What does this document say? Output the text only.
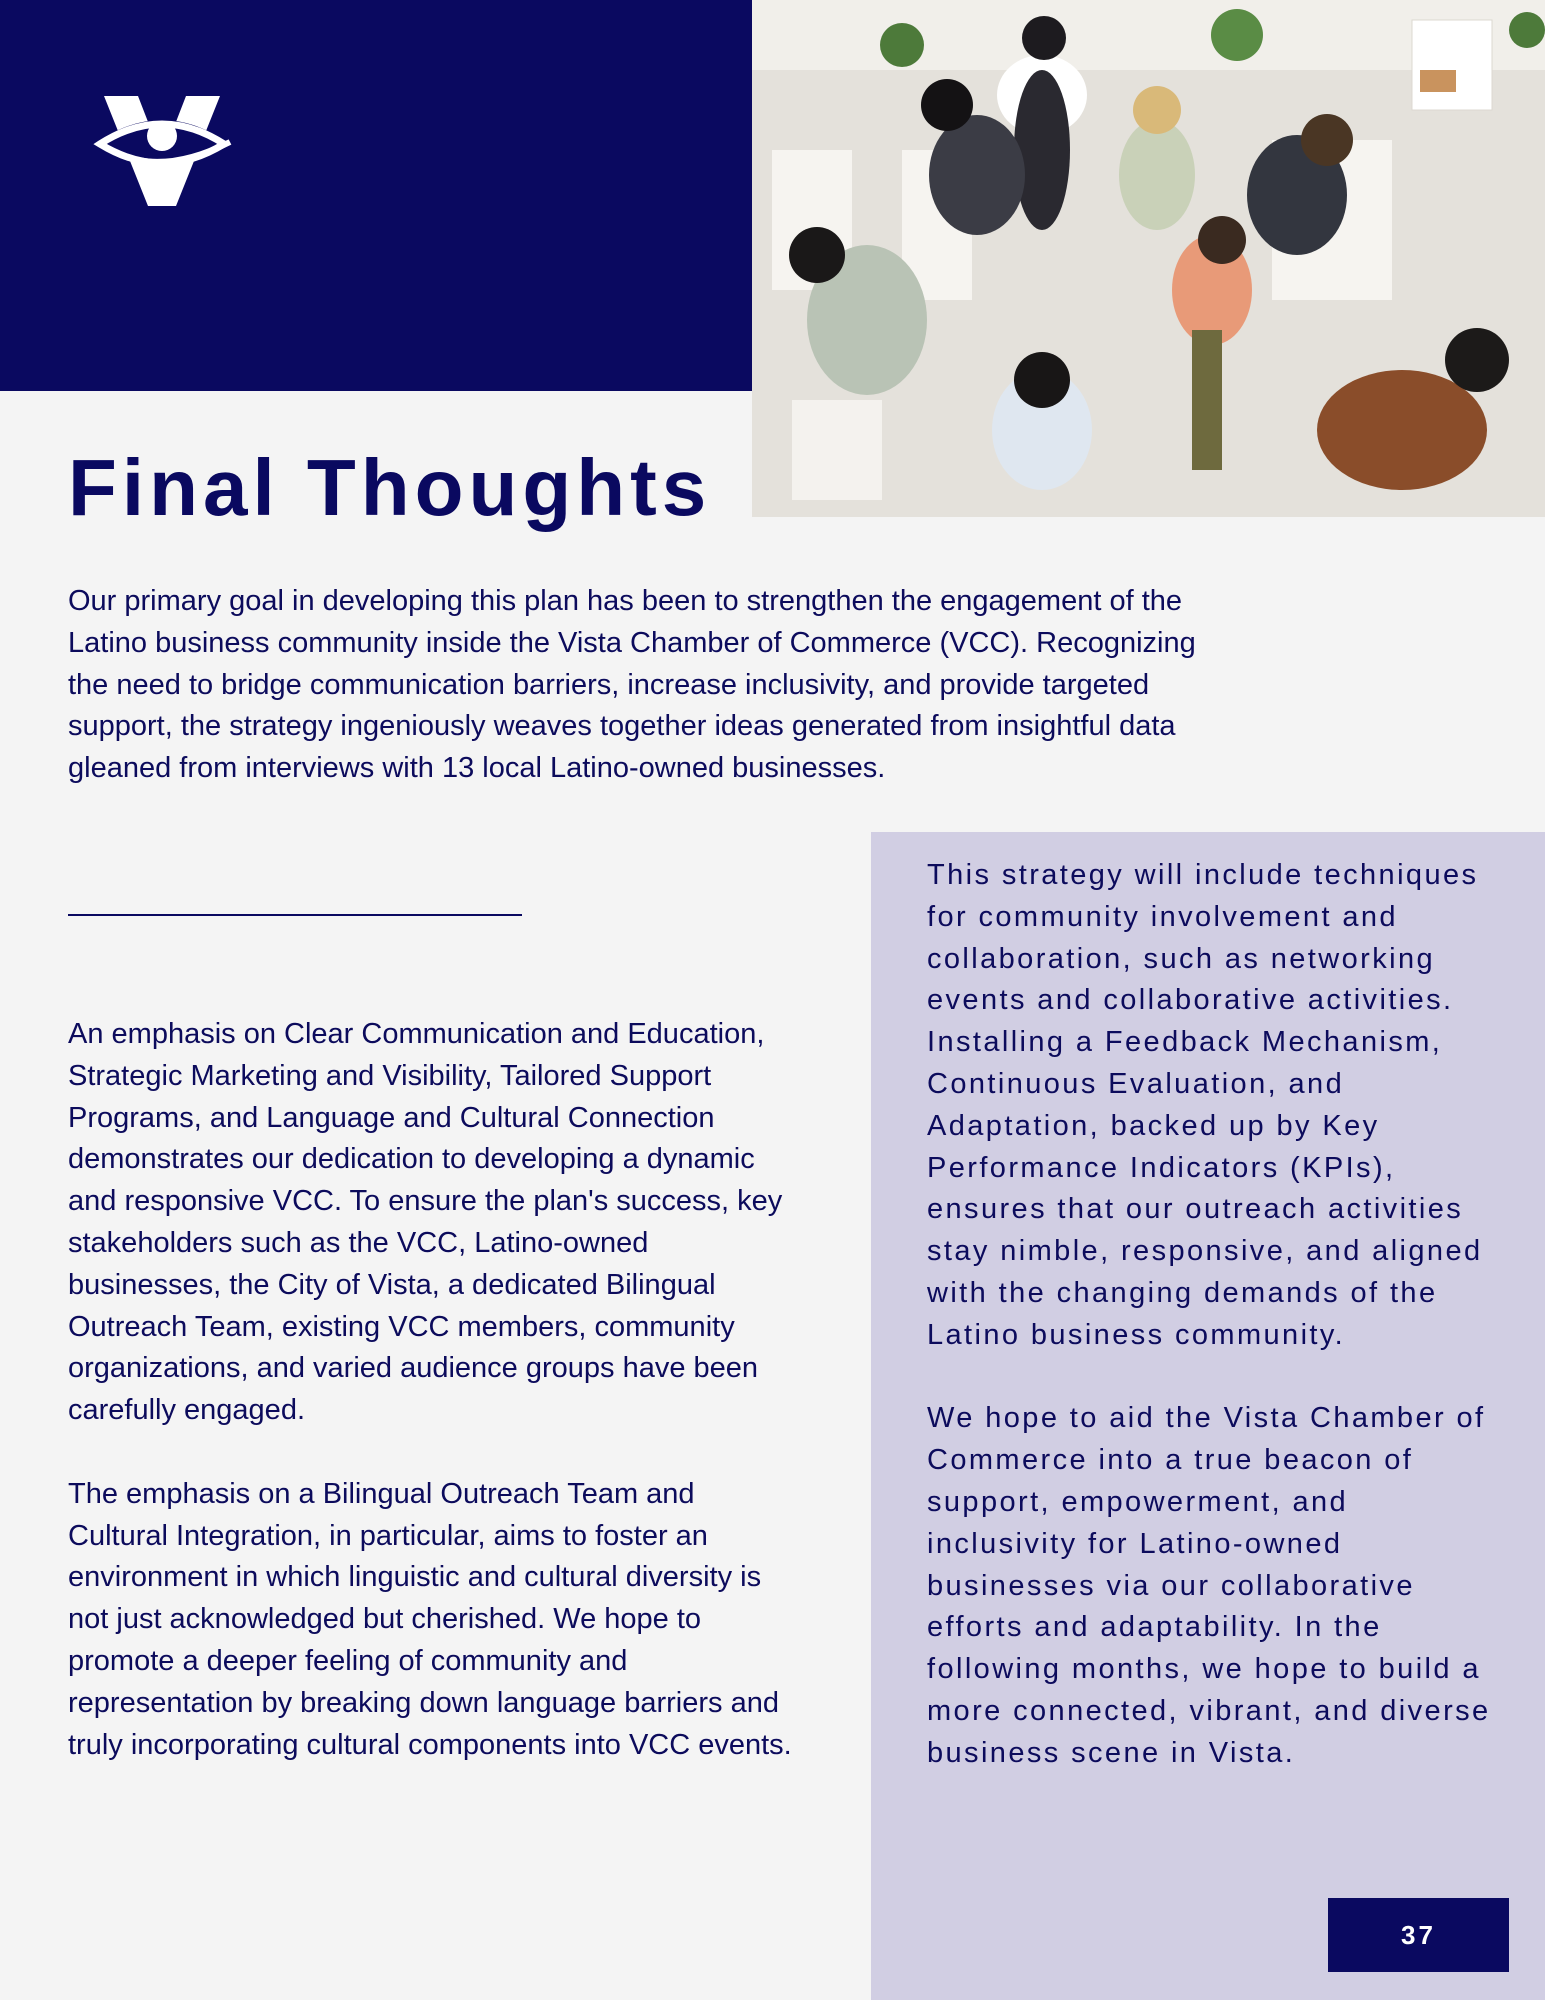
Final Thoughts
Our primary goal in developing this plan has been to strengthen the engagement of the Latino business community inside the Vista Chamber of Commerce (VCC). Recognizing the need to bridge communication barriers, increase inclusivity, and provide targeted support, the strategy ingeniously weaves together ideas generated from insightful data gleaned from interviews with 13 local Latino-owned businesses.

An emphasis on Clear Communication and Education, Strategic Marketing and Visibility, Tailored Support Programs, and Language and Cultural Connection demonstrates our dedication to developing a dynamic and responsive VCC. To ensure the plan's success, key stakeholders such as the VCC, Latino-owned businesses, the City of Vista, a dedicated Bilingual Outreach Team, existing VCC members, community organizations, and varied audience groups have been carefully engaged.

The emphasis on a Bilingual Outreach Team and Cultural Integration, in particular, aims to foster an environment in which linguistic and cultural diversity is not just acknowledged but cherished. We hope to promote a deeper feeling of community and representation by breaking down language barriers and truly incorporating cultural components into VCC events.

This strategy will include techniques for community involvement and collaboration, such as networking events and collaborative activities. Installing a Feedback Mechanism, Continuous Evaluation, and Adaptation, backed up by Key Performance Indicators (KPIs), ensures that our outreach activities stay nimble, responsive, and aligned with the changing demands of the Latino business community.

We hope to aid the Vista Chamber of Commerce into a true beacon of support, empowerment, and inclusivity for Latino-owned businesses via our collaborative efforts and adaptability. In the following months, we hope to build a more connected, vibrant, and diverse business scene in Vista.

37
